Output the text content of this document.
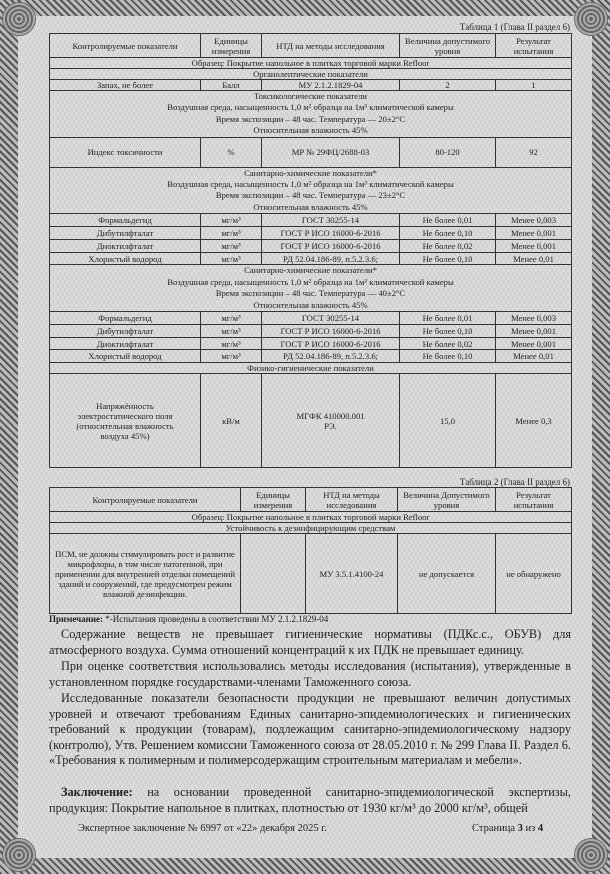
Таблица 1 (Глава II раздел 6)
Контролируемые показатели	Единицы измерения	НТД на методы исследования	Величина допустимого уровня	Результат испытания
Образец: Покрытие напольное в плитках торговой марки Refloor				
Органолептические показатели				
Запах, не более	Балл	МУ 2.1.2.1829-04	2	1

Токсикологические показатели
Воздушная среда, насыщенность 1,0 м² образца на 1м³ климатической камеры
Время экспозиции – 48 час. Температура — 20±2°С
Относительная влажность 45%				

Индекс токсичности	%	МР № 29ФЦ/2688-03	80-120	92

Санитарно-химические показатели*
Воздушная среда, насыщенность 1,0 м² образца на 1м³ климатической камеры
Время экспозиции – 48 час. Температура — 23±2°С
Относительная влажность 45%				

Формальдегид	мг/м³	ГОСТ 30255-14	Не более 0,01	Менее 0,003
Дибутилфталат	мг/м³	ГОСТ Р ИСО 16000-6-2016	Не более 0,10	Менее 0,001
Диоктилфталат	мг/м³	ГОСТ Р ИСО 16000-6-2016	Не более 0,02	Менее 0,001
Хлористый водород	мг/м³	РД 52.04.186-89, п.5.2.3.6;	Не более 0,10	Менее 0,01

Санитарно-химические показатели*
Воздушная среда, насыщенность 1,0 м² образца на 1м³ климатической камеры
Время экспозиции – 48 час. Температура — 40±2°С
Относительная влажность 45%				

Формальдегид	мг/м³	ГОСТ 30255-14	Не более 0,01	Менее 0,003
Дибутилфталат	мг/м³	ГОСТ Р ИСО 16000-6-2016	Не более 0,10	Менее 0,001
Диоктилфталат	мг/м³	ГОСТ Р ИСО 16000-6-2016	Не более 0,02	Менее 0,001
Хлористый водород	мг/м³	РД 52.04.186-89, п.5.2.3.6;	Не более 0,10	Менее 0,01
Физико-гигиенические показатели				
Напряжённость электростатического поля (относительная влажность воздуха 45%)	кВ/м	МГФК 410000.001 РЭ.	15,0	Менее 0,3
Таблица 2 (Глава II раздел 6)
Контролируемые показатели	Единицы измерения	НТД на методы исследования	Величина Допустимого уровня	Результат испытания
Образец: Покрытие напольное в плитках торговой марки Refloor				
Устойчивость к дезинфицирующим средствам				
ПСМ, не должны стимулировать рост и развитие микрофлоры, в том числе патогенной, при применении для внутренней отделки помещений зданий и сооружений, где предусмотрен режим влажной дезинфекции.		МУ 3.5.1.4100-24	не допускается	не обнаружено
Примечание: *-Испытания проведены в соответствии МУ 2.1.2.1829-04
Содержание веществ не превышает гигиенические нормативы (ПДКс.с., ОБУВ) для атмосферного воздуха. Сумма отношений концентраций к их ПДК не превышает единицу.
При оценке соответствия использовались методы исследования (испытания), утвержденные в установленном порядке государствами-членами Таможенного союза.
Исследованные показатели безопасности продукции не превышают величин допустимых уровней и отвечают требованиям Единых санитарно-эпидемиологических и гигиенических требований к продукции (товарам), подлежащим санитарно-эпидемиологическому надзору (контролю), Утв. Решением комиссии Таможенного союза от 28.05.2010 г. № 299 Глава II. Раздел 6. «Требования к полимерным и полимерсодержащим строительным материалам и мебели».
Заключение: на основании проведенной санитарно-эпидемиологической экспертизы, продукция: Покрытие напольное в плитках, плотностью от 1930 кг/м³ до 2000 кг/м³, общей
Экспертное заключение № 6997 от «22» декабря 2025 г.	Страница 3 из 4
